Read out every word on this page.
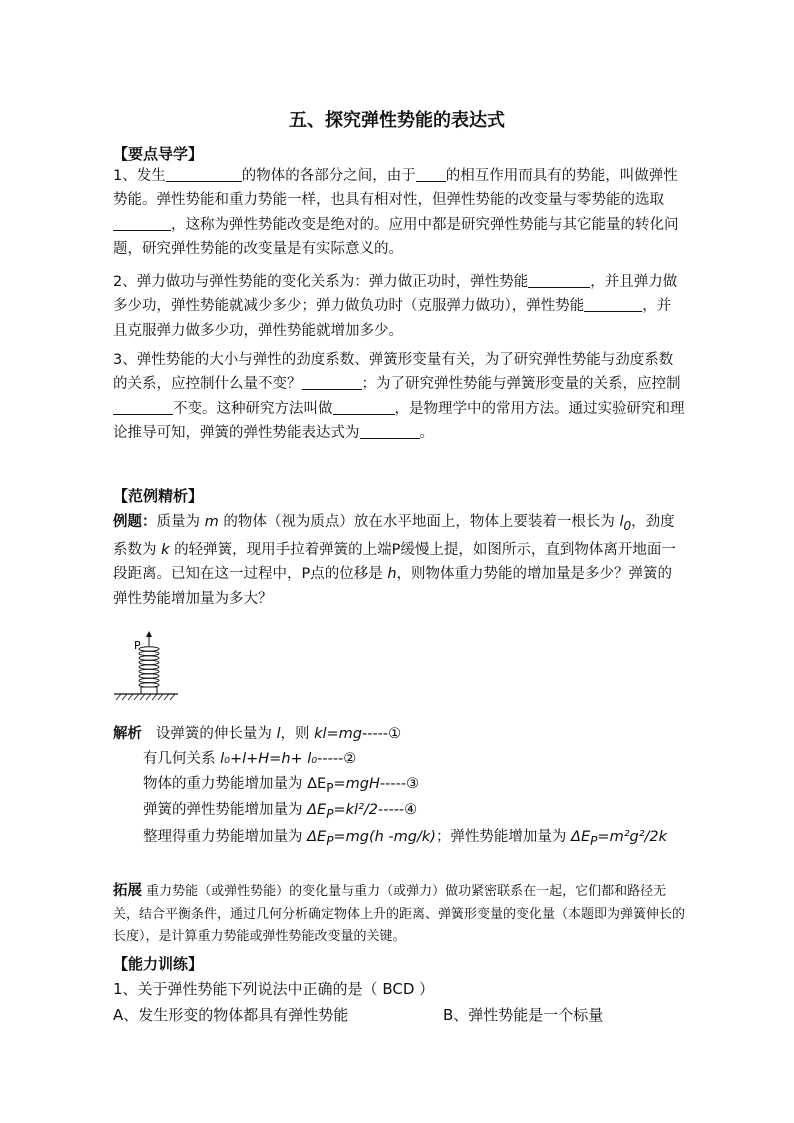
五、探究弹性势能的表达式
【要点导学】

1、发生	的物体的各部分之间，由于 的相互作用而具有的势能，叫做弹性势能。弹性势能和重力势能一样，也具有相对性，但弹性势能的改变量与零势能的选取，这称为弹性势能改变是绝对的。应用中都是研究弹性势能与其它能量的转化问题，研究弹性势能的改变量是有实际意义的。

2、弹力做功与弹性势能的变化关系为：弹力做正功时，弹性势能	，并且弹力做多少功，弹性势能就减少多少；弹力做负功时（克服弹力做功），弹性势能	，并且克服弹力做多少功，弹性势能就增加多少。

3、弹性势能的大小与弹性的劲度系数、弹簧形变量有关，为了研究弹性势能与劲度系数的关系，应控制什么量不变？	；为了研究弹性势能与弹簧形变量的关系，应控制不变。这种研究方法叫做	，是物理学中的常用方法。通过实验研究和理论推导可知，弹簧的弹性势能表达式为	。

【范例精析】

例题：质量为 m 的物体（视为质点）放在水平地面上，物体上要装着一根长为 $l_0$，劲度系数为 k 的轻弹簧，现用手拉着弹簧的上端P缓慢上提，如图所示，直到物体离开地面一段距离。已知在这一过程中，P点的位移是 h，则物体重力势能的增加量是多少？弹簧的弹性势能增加量为多大？

P
解析 设弹簧的伸长量为 l，则 kl=mg-----①
有几何关系 l₀+l+H=h+ l₀-----②
物体的重力势能增加量为 $\Delta E_P=mgH-----③$
弹簧的弹性势能增加量为 $\Delta E_P=kl^2/2-----④$
整理得重力势能增加量为 $\Delta E_P=mg(h$ -mg/k)；弹性势能增加量为 $\Delta E_P=m^2g^2/2k$

拓展 重力势能（或弹性势能）的变化量与重力（或弹力）做功紧密联系在一起，它们都和路径无关，结合平衡条件，通过几何分析确定物体上升的距离、弹簧形变量的变化量（本题即为弹簧伸长的长度），是计算重力势能或弹性势能改变量的关键。

【能力训练】
1、关于弹性势能下列说法中正确的是（ BCD ）
A、发生形变的物体都具有弹性势能	B、弹性势能是一个标量
